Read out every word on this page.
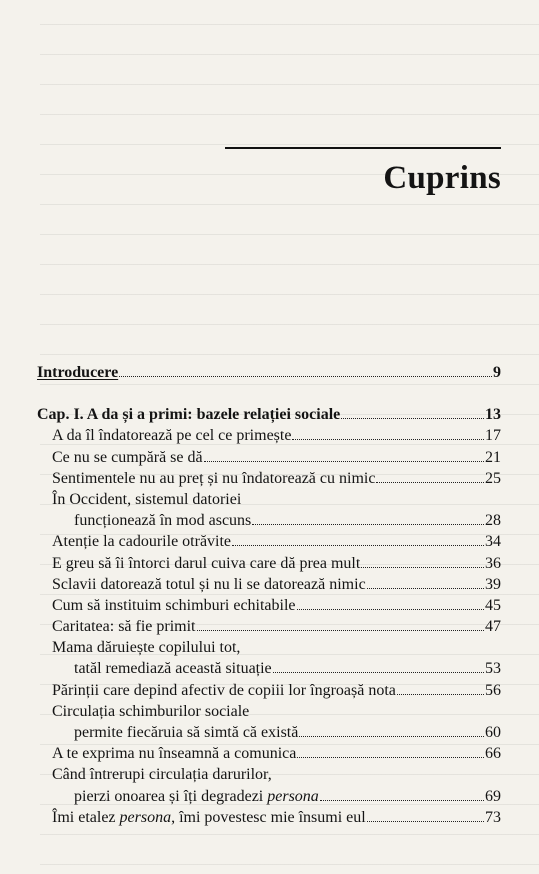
Cuprins
Introducere	9
Cap. I. A da și a primi: bazele relației sociale	13
A da îl îndatorează pe cel ce primește	17
Ce nu se cumpără se dă	21
Sentimentele nu au preț și nu îndatorează cu nimic	25
În Occident, sistemul datoriei
funcționează în mod ascuns	28
Atenție la cadourile otrăvite	34
E greu să îi întorci darul cuiva care dă prea mult	36
Sclavii datorează totul și nu li se datorează nimic	39
Cum să instituim schimburi echitabile	45
Caritatea: să fie primit	47
Mama dăruiește copilului tot,
tatăl remediază această situație	53
Părinții care depind afectiv de copiii lor îngroașă nota	56
Circulația schimburilor sociale
permite fiecăruia să simtă că există	60
A te exprima nu înseamnă a comunica	66
Când întrerupi circulația darurilor,
pierzi onoarea și îți degradezi persona	69
Îmi etalez persona, îmi povestesc mie însumi eul	73
